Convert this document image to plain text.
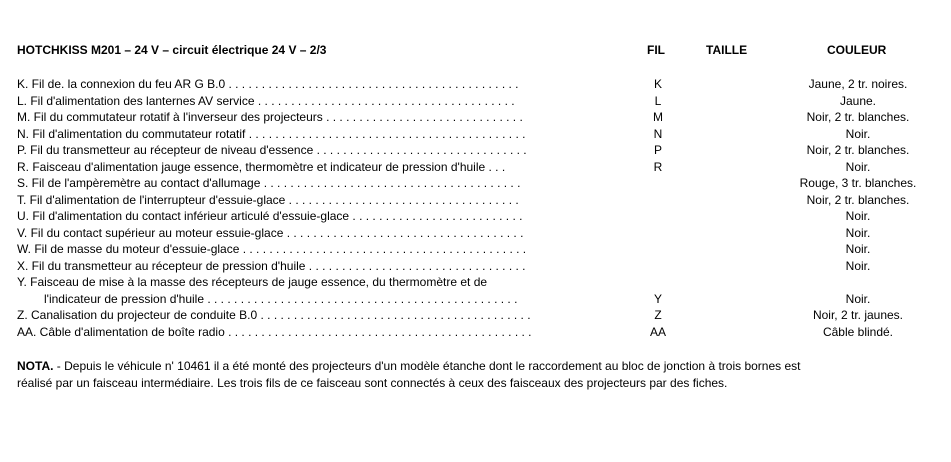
HOTCHKISS M201 – 24 V – circuit électrique 24 V – 2/3	FIL	TAILLE	COULEUR
K. Fil de. la connexion du feu AR G B.0 . . . . . . . . . . . . . . . . . . . . . . . . . . . . . . . . . . . . . . . . . . . .	K	Jaune, 2 tr. noires.
L. Fil d'alimentation des lanternes AV service . . . . . . . . . . . . . . . . . . . . . . . . . . . . . . . . . . . . . . .	L	Jaune.
M. Fil du commutateur rotatif à l'inverseur des projecteurs . . . . . . . . . . . . . . . . . . . . . . . . . . . . . .	M	Noir, 2 tr. blanches.
N. Fil d'alimentation du commutateur rotatif . . . . . . . . . . . . . . . . . . . . . . . . . . . . . . . . . . . . . . . . . .	N	Noir.
P. Fil du transmetteur au récepteur de niveau d'essence . . . . . . . . . . . . . . . . . . . . . . . . . . . . . . . .	P	Noir, 2 tr. blanches.
R. Faisceau d'alimentation jauge essence, thermomètre et indicateur de pression d'huile . . .	R	Noir.
S. Fil de l'ampèremètre au contact d'allumage . . . . . . . . . . . . . . . . . . . . . . . . . . . . . . . . . . . . . . .	Rouge, 3 tr. blanches.
T. Fil d'alimentation de l'interrupteur d'essuie-glace . . . . . . . . . . . . . . . . . . . . . . . . . . . . . . . . . . .	Noir, 2 tr. blanches.
U. Fil d'alimentation du contact inférieur articulé d'essuie-glace . . . . . . . . . . . . . . . . . . . . . . . . . .	Noir.
V. Fil du contact supérieur au moteur essuie-glace . . . . . . . . . . . . . . . . . . . . . . . . . . . . . . . . . . . .	Noir.
W. Fil de masse du moteur d'essuie-glace . . . . . . . . . . . . . . . . . . . . . . . . . . . . . . . . . . . . . . . . . . .	Noir.
X. Fil du transmetteur au récepteur de pression d'huile . . . . . . . . . . . . . . . . . . . . . . . . . . . . . . . . .	Noir.
Y. Faisceau de mise à la masse des récepteurs de jauge essence, du thermomètre et de
l'indicateur de pression d'huile . . . . . . . . . . . . . . . . . . . . . . . . . . . . . . . . . . . . . . . . . . . . . . .	Y	Noir.
Z. Canalisation du projecteur de conduite B.0 . . . . . . . . . . . . . . . . . . . . . . . . . . . . . . . . . . . . . . . . .	Z	Noir, 2 tr. jaunes.
AA. Câble d'alimentation de boîte radio . . . . . . . . . . . . . . . . . . . . . . . . . . . . . . . . . . . . . . . . . . . . . .	AA	Câble blindé.
NOTA. - Depuis le véhicule n' 10461 il a été monté des projecteurs d'un modèle étanche dont le raccordement au bloc de jonction à trois bornes est
réalisé par un faisceau intermédiaire. Les trois fils de ce faisceau sont connectés à ceux des faisceaux des projecteurs par des fiches.
